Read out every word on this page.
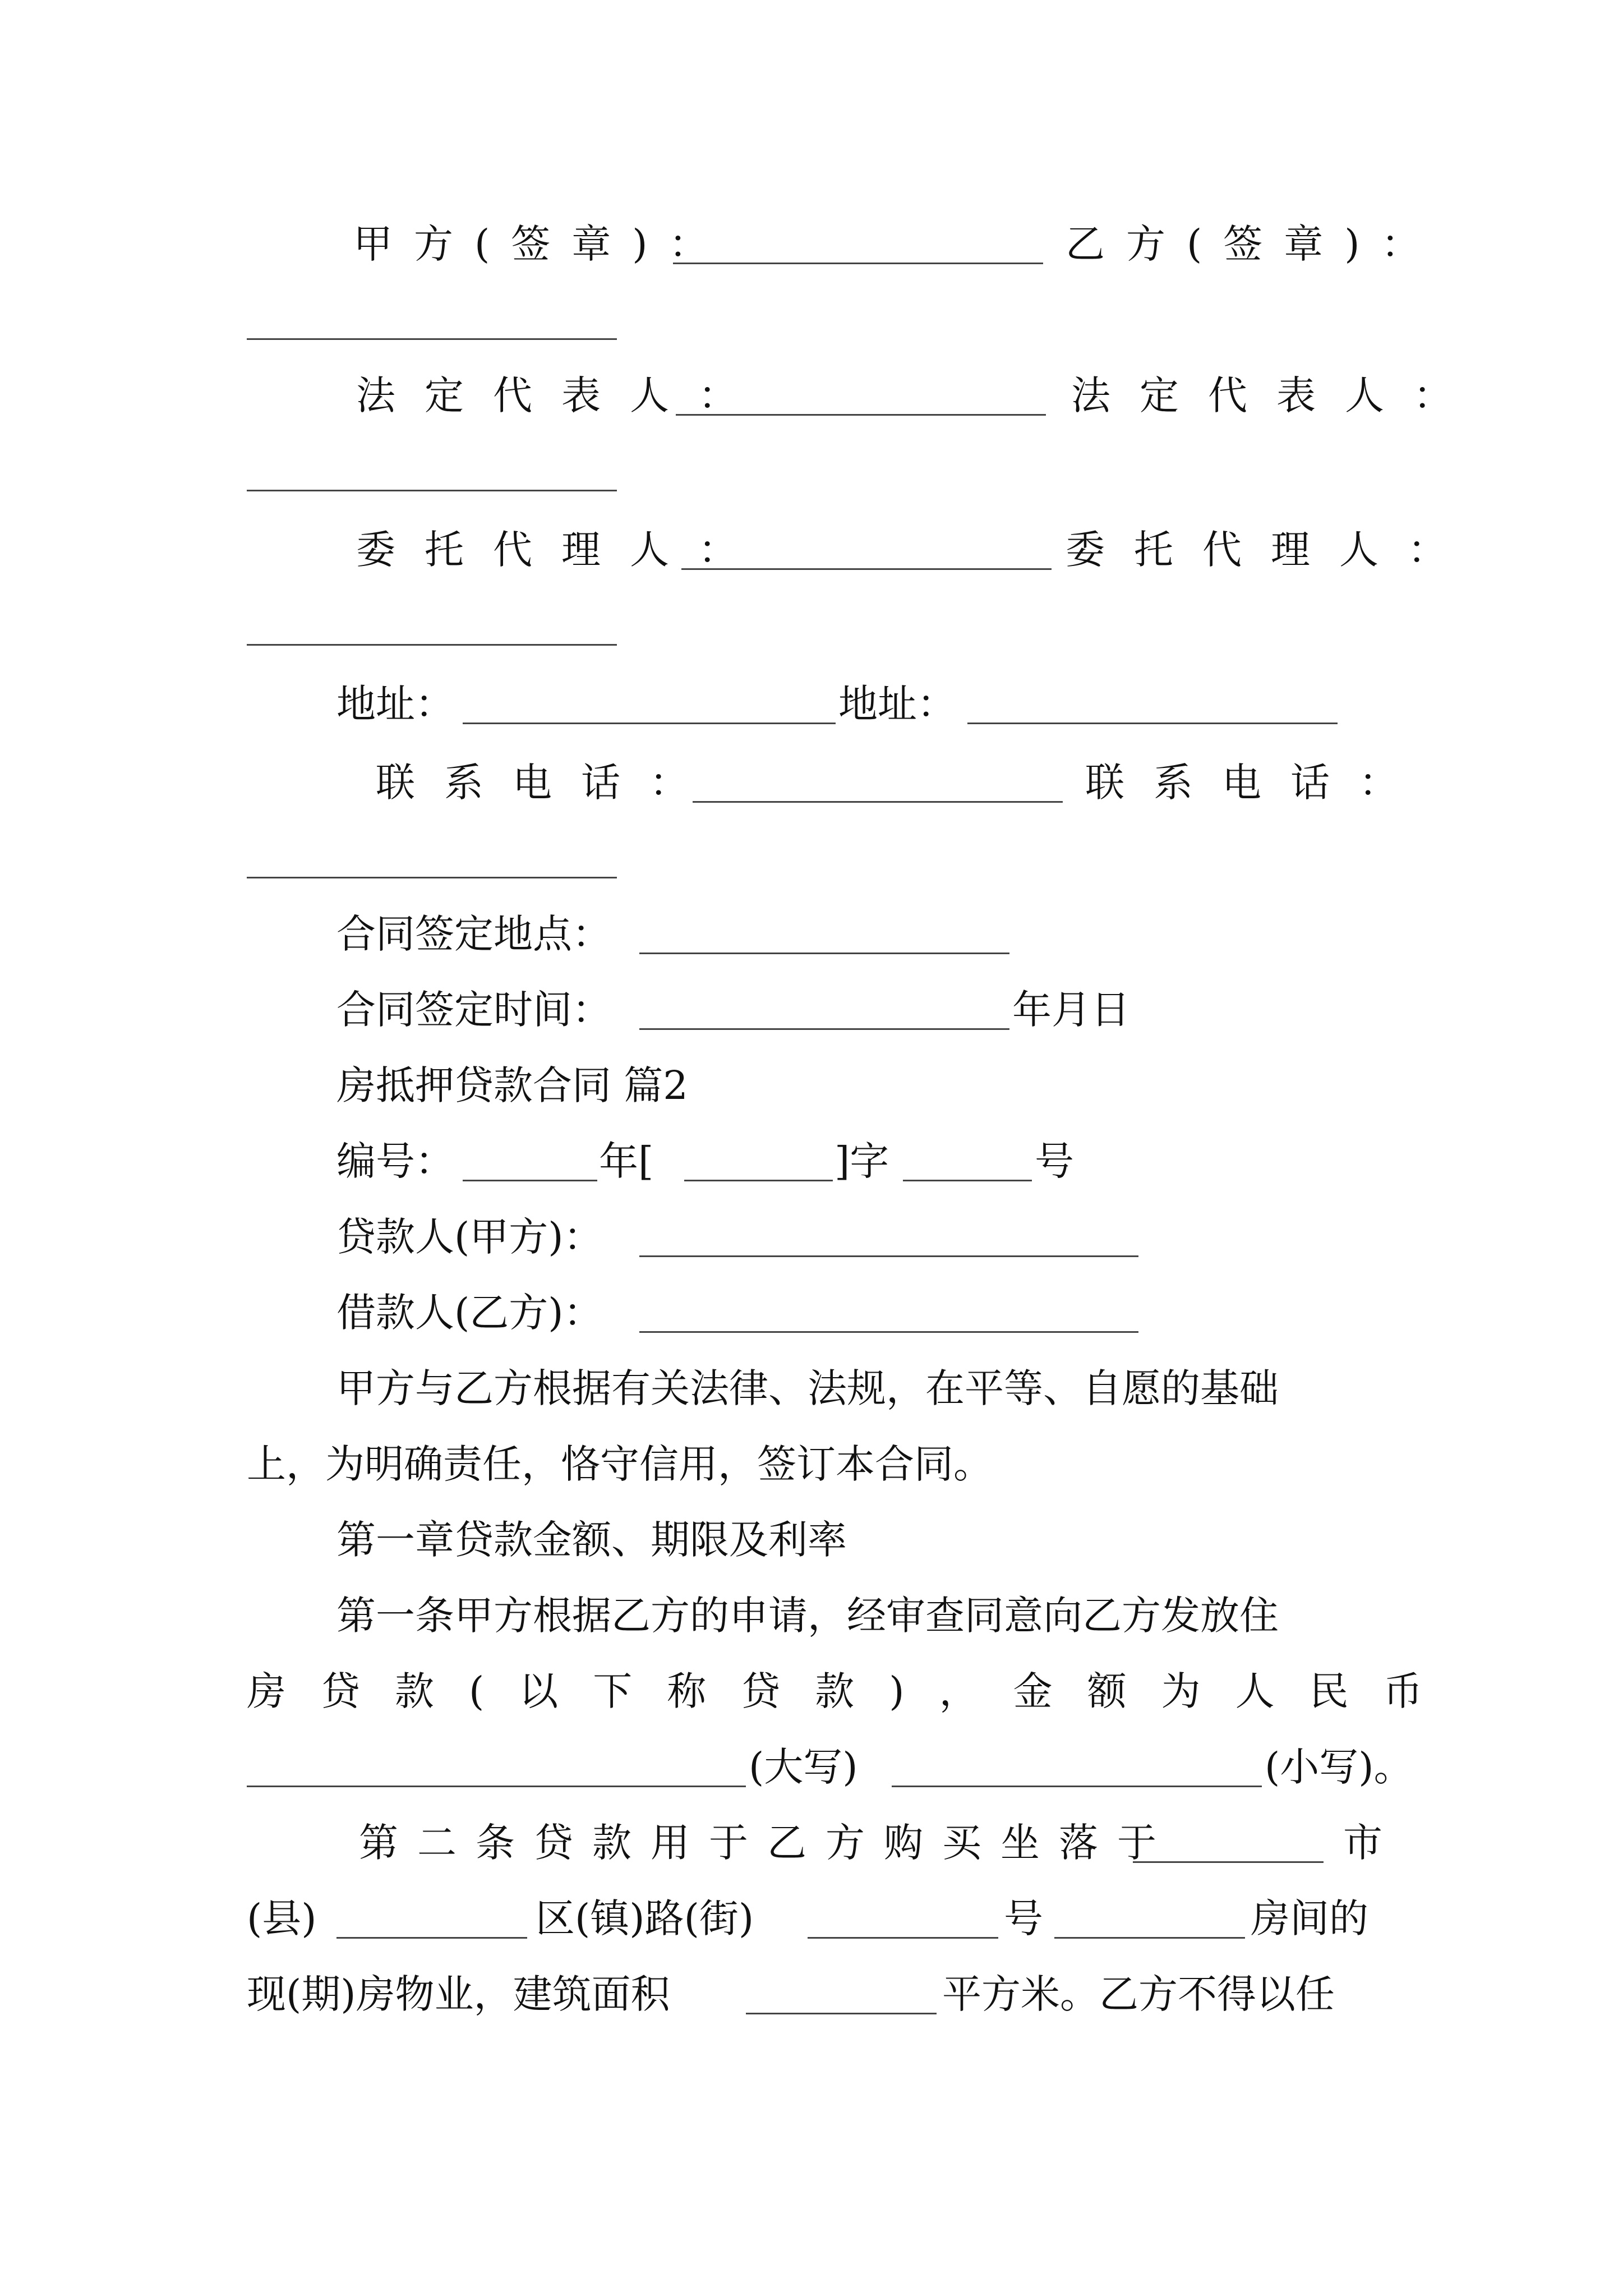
甲方(签章)：	乙方(签章)：
法定代表人：	法定代表人：
委托代理人：	委托代理人：
地址：	地址：
联系电话：	联系电话：
合同签定地点：
合同签定时间：	年月日
房抵押贷款合同 篇2
编号：	年[	]字	号
贷款人(甲方)：
借款人(乙方)：
甲方与乙方根据有关法律、法规，在平等、自愿的基础
上，为明确责任，恪守信用，签订本合同。
第一章贷款金额、期限及利率
第一条甲方根据乙方的申请，经审查同意向乙方发放住
房贷款(以下称贷款)，金额为人民币
(大写)	(小写)。
第二条贷款用于乙方购买坐落于	市
(县)	区(镇)路(街)	号	房间的
现(期)房物业，建筑面积	平方米。乙方不得以任
